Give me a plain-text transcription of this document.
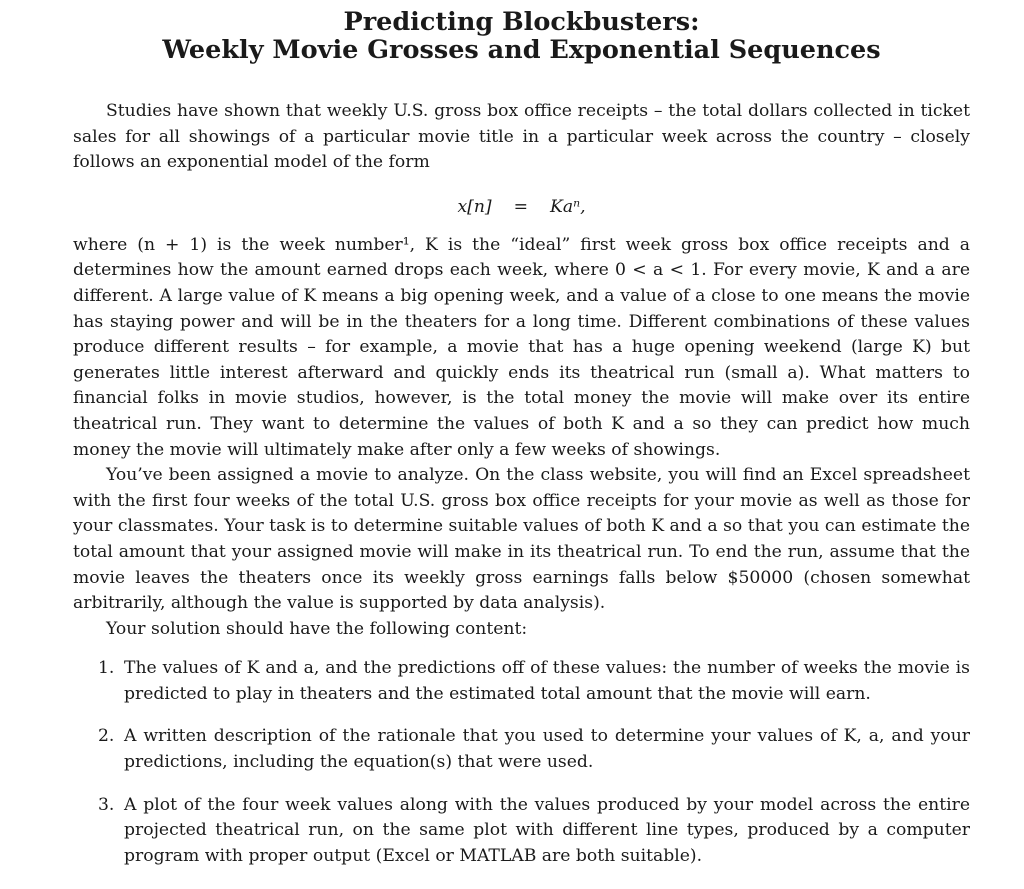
Predicting Blockbusters:
Weekly Movie Grosses and Exponential Sequences

Studies have shown that weekly U.S. gross box office receipts – the total dollars collected in ticket sales for all showings of a particular movie title in a particular week across the country – closely follows an exponential model of the form

x[n] = Kaⁿ,

where (n + 1) is the week number¹, K is the “ideal” first week gross box office receipts and a determines how the amount earned drops each week, where 0 < a < 1. For every movie, K and a are different. A large value of K means a big opening week, and a value of a close to one means the movie has staying power and will be in the theaters for a long time. Different combinations of these values produce different results – for example, a movie that has a huge opening weekend (large K) but generates little interest afterward and quickly ends its theatrical run (small a). What matters to financial folks in movie studios, however, is the total money the movie will make over its entire theatrical run. They want to determine the values of both K and a so they can predict how much money the movie will ultimately make after only a few weeks of showings.

You’ve been assigned a movie to analyze. On the class website, you will find an Excel spreadsheet with the first four weeks of the total U.S. gross box office receipts for your movie as well as those for your classmates. Your task is to determine suitable values of both K and a so that you can estimate the total amount that your assigned movie will make in its theatrical run. To end the run, assume that the movie leaves the theaters once its weekly gross earnings falls below $50000 (chosen somewhat arbitrarily, although the value is supported by data analysis).

Your solution should have the following content:

1. The values of K and a, and the predictions off of these values: the number of weeks the movie is predicted to play in theaters and the estimated total amount that the movie will earn.
2. A written description of the rationale that you used to determine your values of K, a, and your predictions, including the equation(s) that were used.
3. A plot of the four week values along with the values produced by your model across the entire projected theatrical run, on the same plot with different line types, produced by a computer program with proper output (Excel or MATLAB are both suitable).
